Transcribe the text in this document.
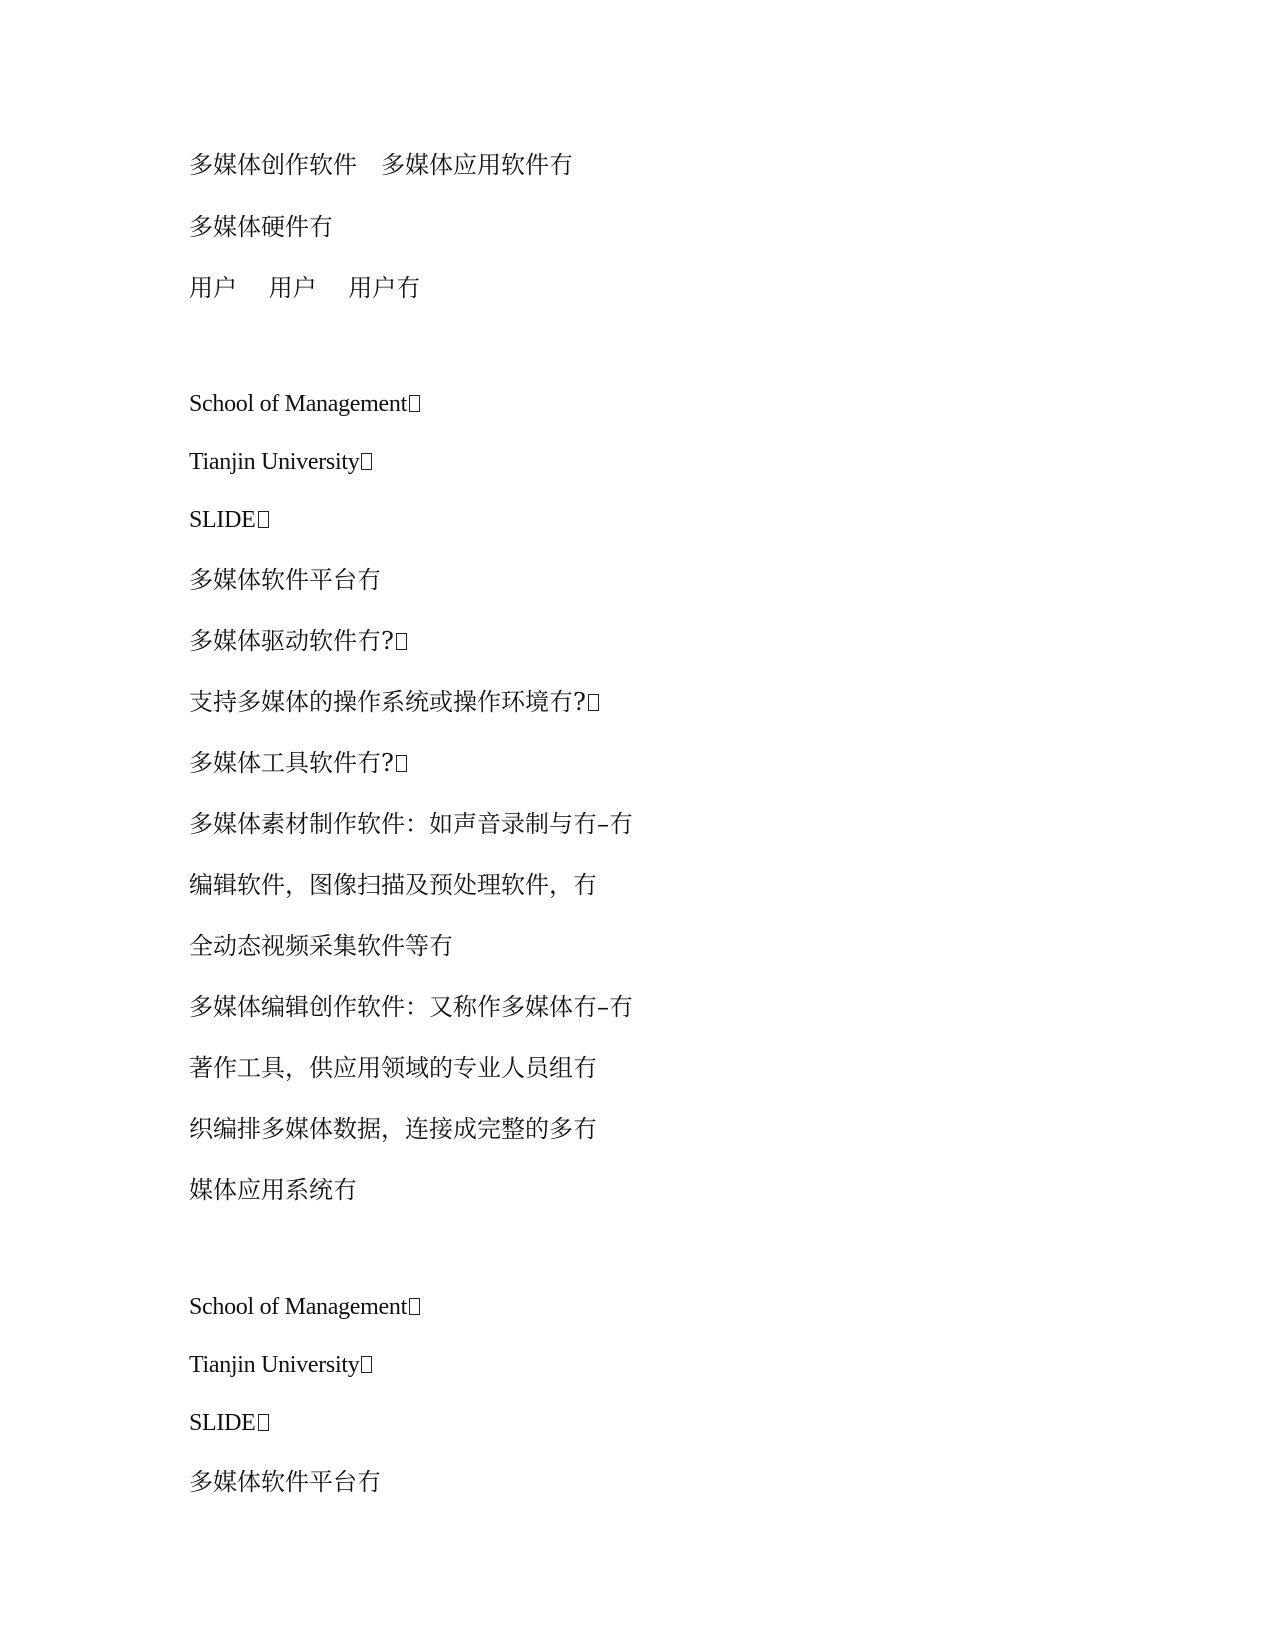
多媒体创作软件　多媒体应用软件冇
多媒体硬件冇
用户　 用户　 用户冇
School of Management
Tianjin University
SLIDE
多媒体软件平台冇
多媒体驱动软件冇?
支持多媒体的操作系统或操作环境冇?
多媒体工具软件冇?
多媒体素材制作软件：如声音录制与冇–冇
编辑软件，图像扫描及预处理软件，冇
全动态视频采集软件等冇
多媒体编辑创作软件：又称作多媒体冇–冇
著作工具，供应用领域的专业人员组冇
织编排多媒体数据，连接成完整的多冇
媒体应用系统冇
School of Management
Tianjin University
SLIDE
多媒体软件平台冇
